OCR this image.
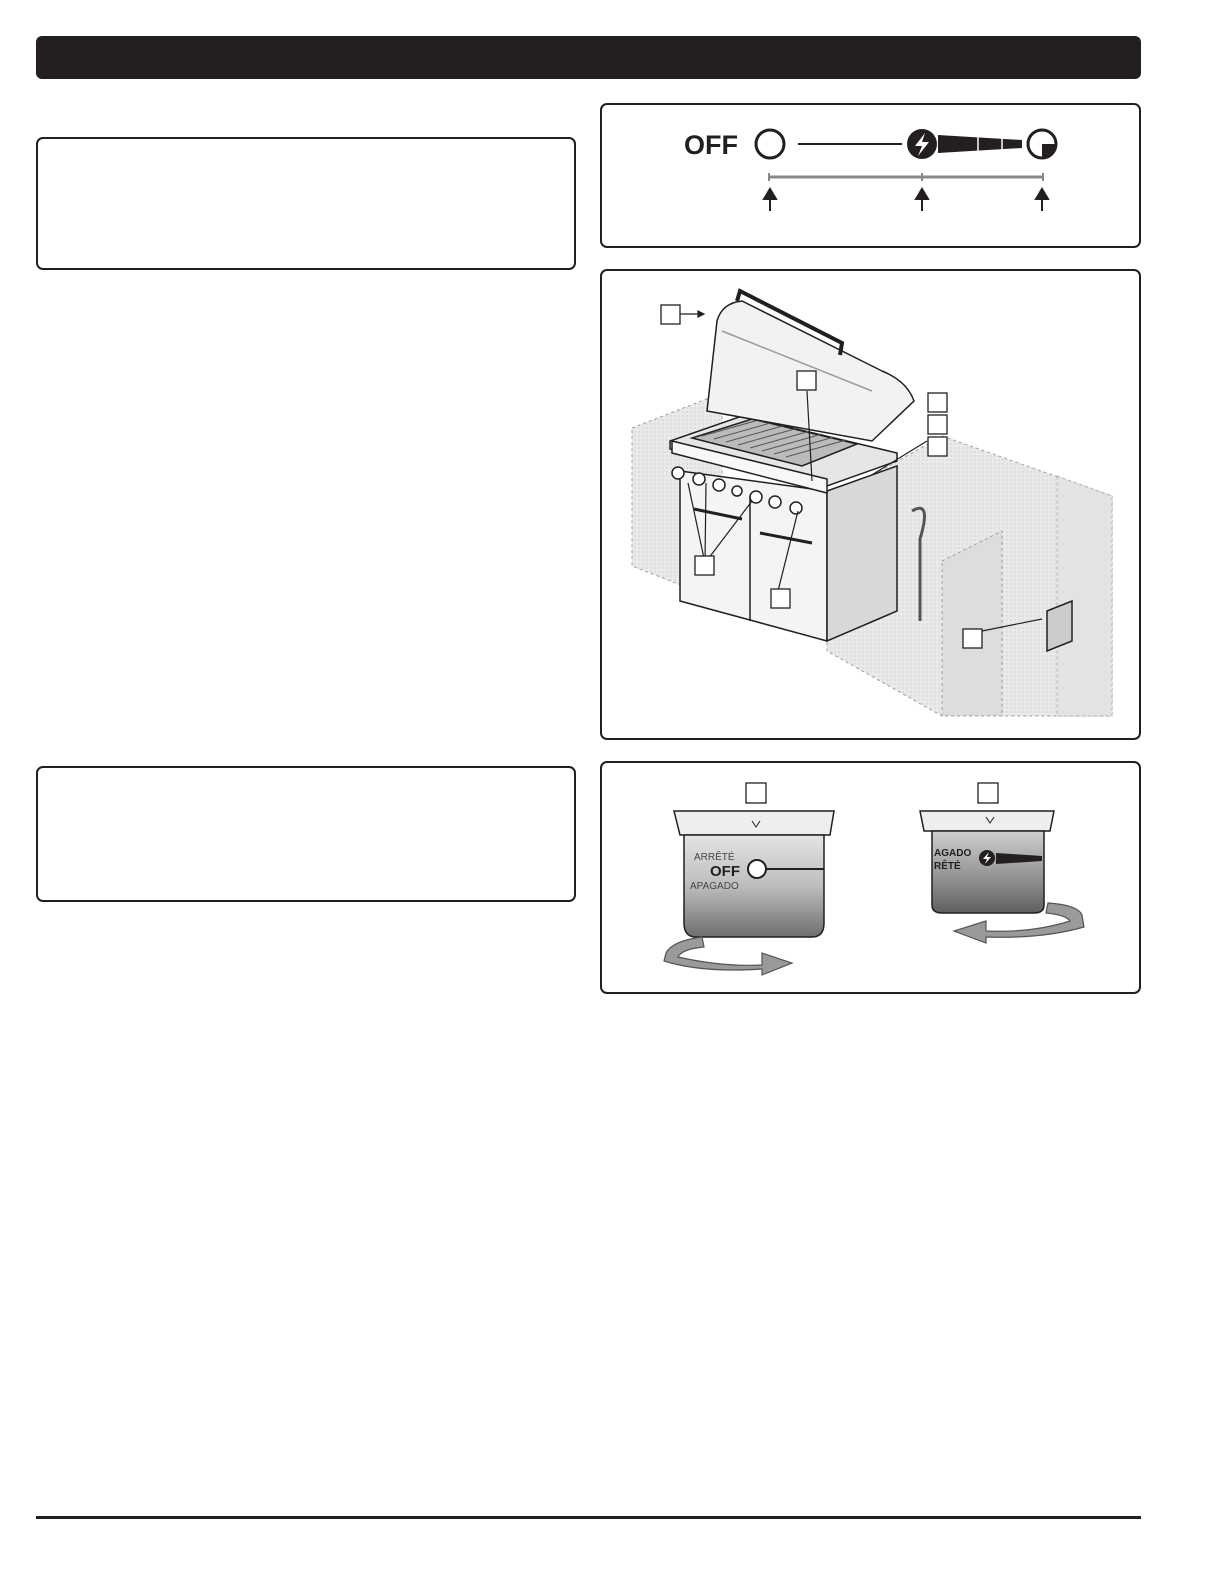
OFF
ARRÊTÉ
OFF
APAGADO
AGADO
RÊTÉ
